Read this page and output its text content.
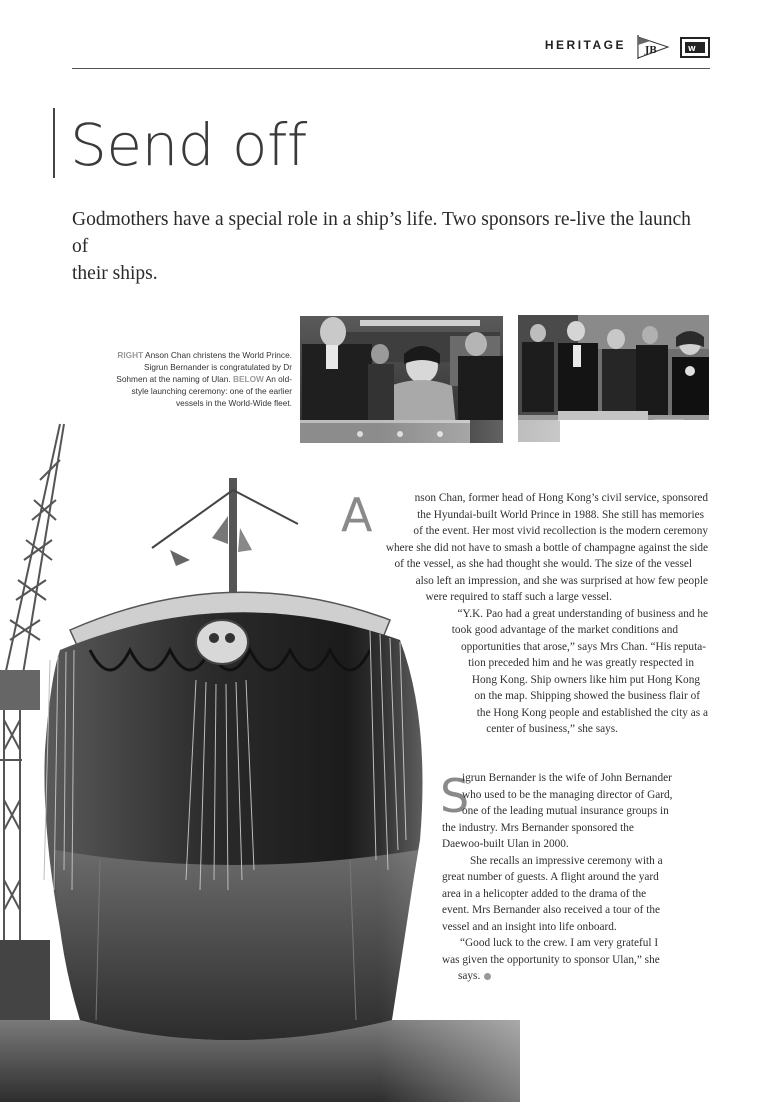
HERITAGE JB	W
Send off

Godmothers have a special role in a ship’s life. Two sponsors re-live the launch of
their ships.

RIGHT Anson Chan christens the World Prince.
Sigrun Bernander is congratulated by Dr
Sohmen at the naming of Ulan. BELOW An old-
style launching ceremony: one of the earlier
vessels in the World-Wide fleet.
A	nson Chan, former head of Hong Kong’s civil service, sponsored
the Hyundai-built World Prince in 1988. She still has memories
of the event. Her most vivid recollection is the modern ceremony
where she did not have to smash a bottle of champagne against the side
of the vessel, as she had thought she would. The size of the vessel
also left an impression, and she was surprised at how few people
were required to staff such a large vessel.
“Y.K. Pao had a great understanding of business and he
took good advantage of the market conditions and
opportunities that arose,” says Mrs Chan. “His reputa-
tion preceded him and he was greatly respected in
Hong Kong. Ship owners like him put Hong Kong
on the map. Shipping showed the business flair of
the Hong Kong people and established the city as a
center of business,” she says.
S
igrun Bernander is the wife of John Bernander
who used to be the managing director of Gard,
one of the leading mutual insurance groups in
the industry. Mrs Bernander sponsored the
Daewoo-built Ulan in 2000.
She recalls an impressive ceremony with a
great number of guests. A flight around the yard
area in a helicopter added to the drama of the
event. Mrs Bernander also received a tour of the
vessel and an insight into life onboard.
“Good luck to the crew. I am very grateful I
was given the opportunity to sponsor Ulan,” she
says.
